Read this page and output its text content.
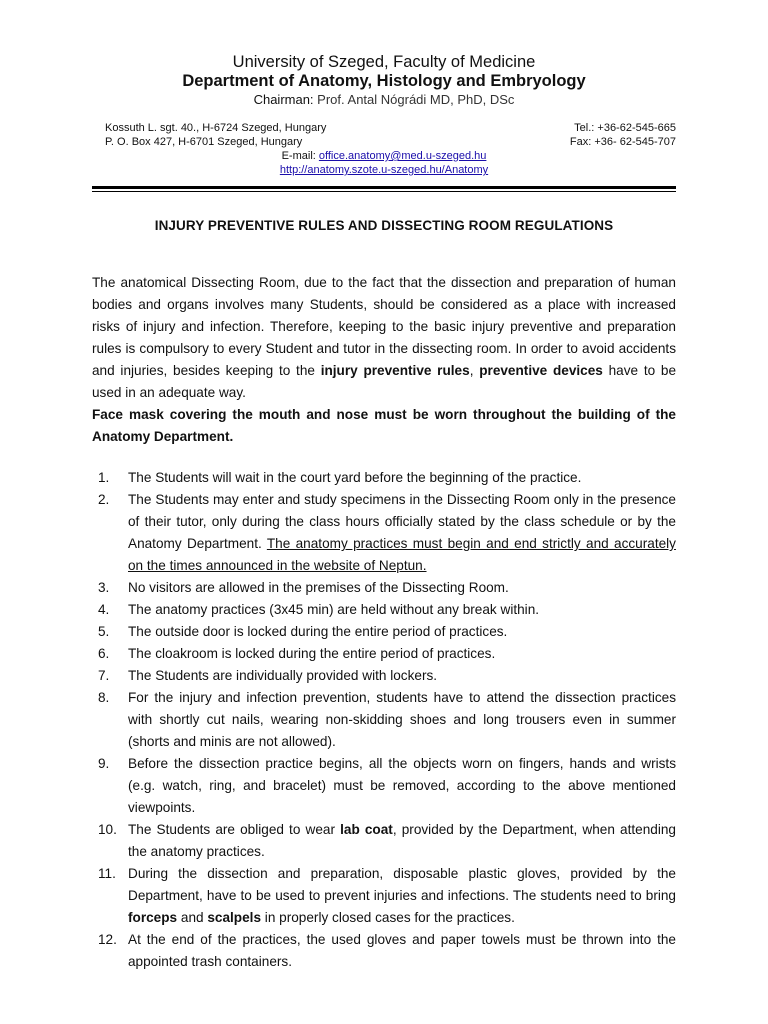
University of Szeged, Faculty of Medicine
Department of Anatomy, Histology and Embryology
Chairman: Prof. Antal Nógrádi MD, PhD, DSc
Kossuth L. sgt. 40., H-6724 Szeged, Hungary
P. O. Box 427, H-6701 Szeged, Hungary
Tel.: +36-62-545-665
Fax: +36- 62-545-707
E-mail: office.anatomy@med.u-szeged.hu
http://anatomy.szote.u-szeged.hu/Anatomy
INJURY PREVENTIVE RULES AND DISSECTING ROOM REGULATIONS

The anatomical Dissecting Room, due to the fact that the dissection and preparation of human bodies and organs involves many Students, should be considered as a place with increased risks of injury and infection. Therefore, keeping to the basic injury preventive and preparation rules is compulsory to every Student and tutor in the dissecting room. In order to avoid accidents and injuries, besides keeping to the injury preventive rules, preventive devices have to be used in an adequate way.

Face mask covering the mouth and nose must be worn throughout the building of the Anatomy Department.

1. The Students will wait in the court yard before the beginning of the practice.
2. The Students may enter and study specimens in the Dissecting Room only in the presence of their tutor, only during the class hours officially stated by the class schedule or by the Anatomy Department. The anatomy practices must begin and end strictly and accurately on the times announced in the website of Neptun.
3. No visitors are allowed in the premises of the Dissecting Room.
4. The anatomy practices (3x45 min) are held without any break within.
5. The outside door is locked during the entire period of practices.
6. The cloakroom is locked during the entire period of practices.
7. The Students are individually provided with lockers.
8. For the injury and infection prevention, students have to attend the dissection practices with shortly cut nails, wearing non-skidding shoes and long trousers even in summer (shorts and minis are not allowed).
9. Before the dissection practice begins, all the objects worn on fingers, hands and wrists (e.g. watch, ring, and bracelet) must be removed, according to the above mentioned viewpoints.
10. The Students are obliged to wear lab coat, provided by the Department, when attending the anatomy practices.
11. During the dissection and preparation, disposable plastic gloves, provided by the Department, have to be used to prevent injuries and infections. The students need to bring forceps and scalpels in properly closed cases for the practices.
12. At the end of the practices, the used gloves and paper towels must be thrown into the appointed trash containers.
